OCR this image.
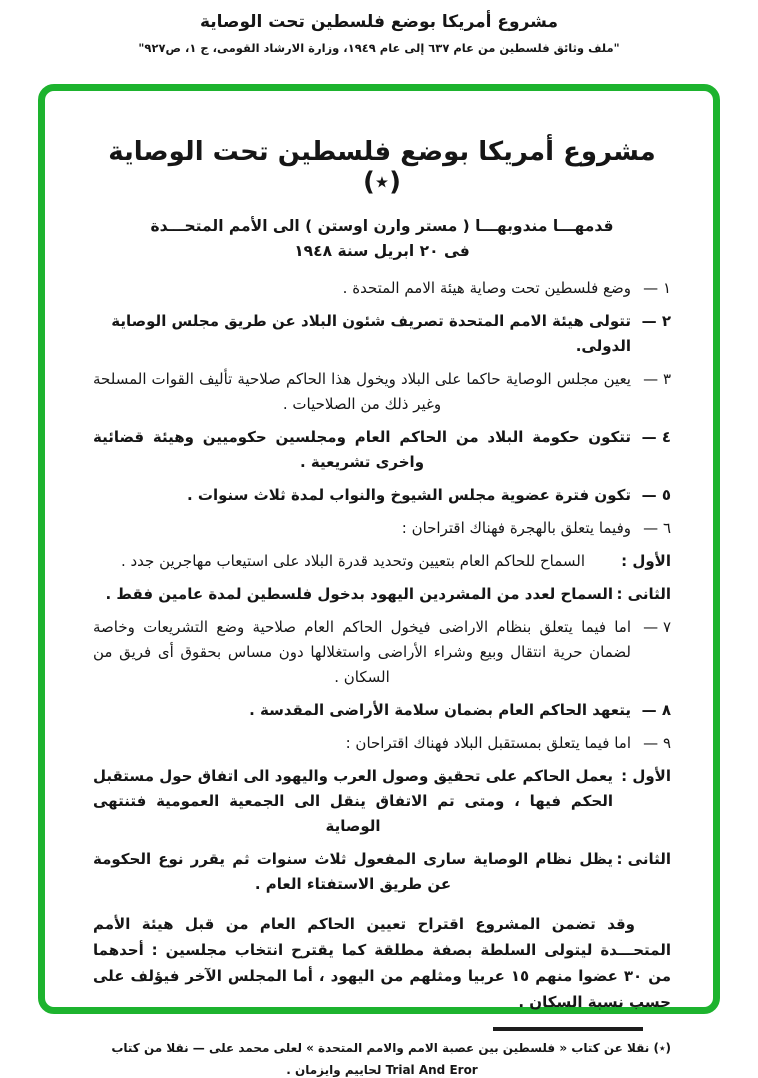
مشروع أمريكا بوضع فلسطين تحت الوصاية
"ملف وثائق فلسطين من عام ٦٣٧ إلى عام ١٩٤٩، وزارة الارشاد القومى، ج ١، ص٩٢٧"
مشروع أمريكا بوضع فلسطين تحت الوصاية (٭)
قدمهـــا مندوبهـــا ( مستر وارن اوستن ) الى الأمم المتحـــدة
فى ٢٠ ابريل سنة ١٩٤٨
١ —
وضع فلسطين تحت وصاية هيئة الامم المتحدة .
٢ —
تتولى هيئة الامم المتحدة تصريف شئون البلاد عن طريق مجلس الوصاية الدولى.
٣ —
يعين مجلس الوصاية حاكما على البلاد ويخول هذا الحاكم صلاحية تأليف القوات المسلحة وغير ذلك من الصلاحيات .
٤ —
تتكون حكومة البلاد من الحاكم العام ومجلسين حكوميين وهيئة قضائية واخرى تشريعية .
٥ —
تكون فترة عضوية مجلس الشيوخ والنواب لمدة ثلاث سنوات .
٦ —
وفيما يتعلق بالهجرة فهناك اقتراحان :
الأول :
السماح للحاكم العام بتعيين وتحديد قدرة البلاد على استيعاب مهاجرين جدد .
الثانى :
السماح لعدد من المشردين اليهود بدخول فلسطين لمدة عامين فقط .
٧ —
اما فيما يتعلق بنظام الاراضى فيخول الحاكم العام صلاحية وضع التشريعات وخاصة لضمان حرية انتقال وبيع وشراء الأراضى واستغلالها دون مساس بحقوق أى فريق من السكان .
٨ —
يتعهد الحاكم العام بضمان سلامة الأراضى المقدسة .
٩ —
اما فيما يتعلق بمستقبل البلاد فهناك اقتراحان :
الأول :
يعمل الحاكم على تحقيق وصول العرب واليهود الى اتفاق حول مستقبل الحكم فيها ، ومتى تم الاتفاق ينقل الى الجمعية العمومية فتنتهى الوصاية
الثانى :
يظل نظام الوصاية سارى المفعول ثلاث سنوات ثم يقرر نوع الحكومة عن طريق الاستفتاء العام .
وقد تضمن المشروع اقتراح تعيين الحاكم العام من قبل هيئة الأمم المتحـــدة ليتولى السلطة بصفة مطلقة كما يقترح انتخاب مجلسين : أحدهما من ٣٠ عضوا منهم ١٥ عربيا ومثلهم من اليهود ، أما المجلس الآخر فيؤلف على حسب نسبة السكان .
(٭) نقلا عن كتاب « فلسطين بين عصبة الامم والامم المتحدة » لعلى محمد على — نقلا من كتاب
Trial And Eror لحاييم وايزمان .
